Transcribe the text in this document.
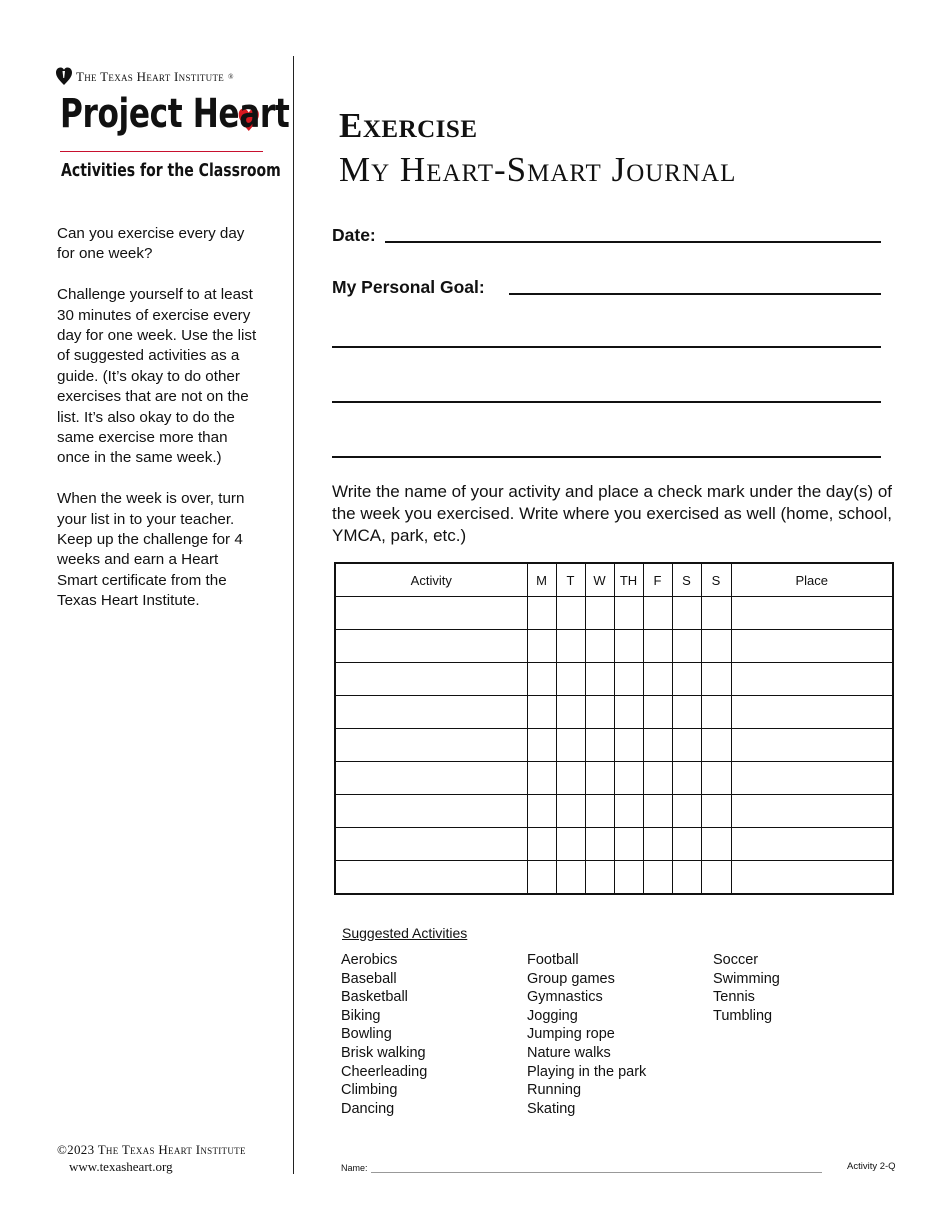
The Texas Heart Institute ®
Project He
art
Activities for the Classroom

Can you exercise every day for one week?

Challenge yourself to at least 30 minutes of exercise every day for one week. Use the list of suggested activities as a guide. (It’s okay to do other exercises that are not on the list. It’s also okay to do the same exercise more than once in the same week.)

When the week is over, turn your list in to your teacher. Keep up the challenge for 4 weeks and earn a Heart Smart certificate from the Texas Heart Institute.

©2023 The Texas Heart Institute
www.texasheart.org
Exercise
My Heart-Smart Journal
Date:
My Personal Goal:
Write the name of your activity and place a check mark under the day(s) of the week you exercised. Write where you exercised as well (home, school, YMCA, park, etc.)
Activity	M	T	W	TH	F	S	S	Place

Suggested Activities
Aerobics
Baseball
Basketball
Biking
Bowling
Brisk walking
Cheerleading
Climbing
Dancing
Football
Group games
Gymnastics
Jogging
Jumping rope
Nature walks
Playing in the park
Running
Skating
Soccer
Swimming
Tennis
Tumbling
Name:	Activity 2-Q
